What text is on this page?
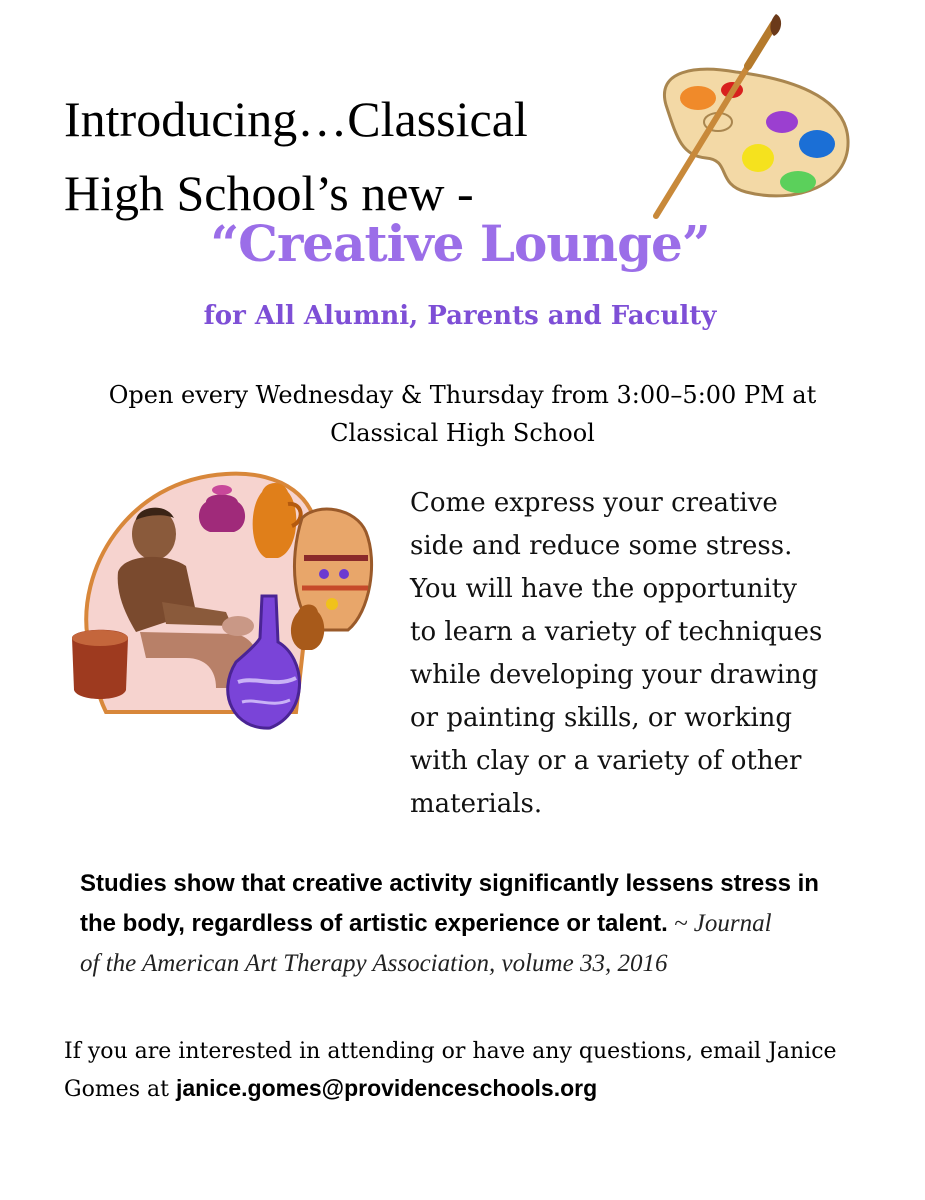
Introducing…Classical
High School’s new -
“Creative Lounge”
for All Alumni, Parents and Faculty
Open every Wednesday & Thursday from 3:00–5:00 PM at
Classical High School
Come express your creative
side and reduce some stress.
You will have the opportunity
to learn a variety of techniques
while developing your drawing
or painting skills, or working
with clay or a variety of other
materials.
Studies show that creative activity significantly lessens stress in
the body, regardless of artistic experience or talent. ~ Journal
of the American Art Therapy Association, volume 33, 2016
If you are interested in attending or have any questions, email Janice
Gomes at janice.gomes@providenceschools.org
